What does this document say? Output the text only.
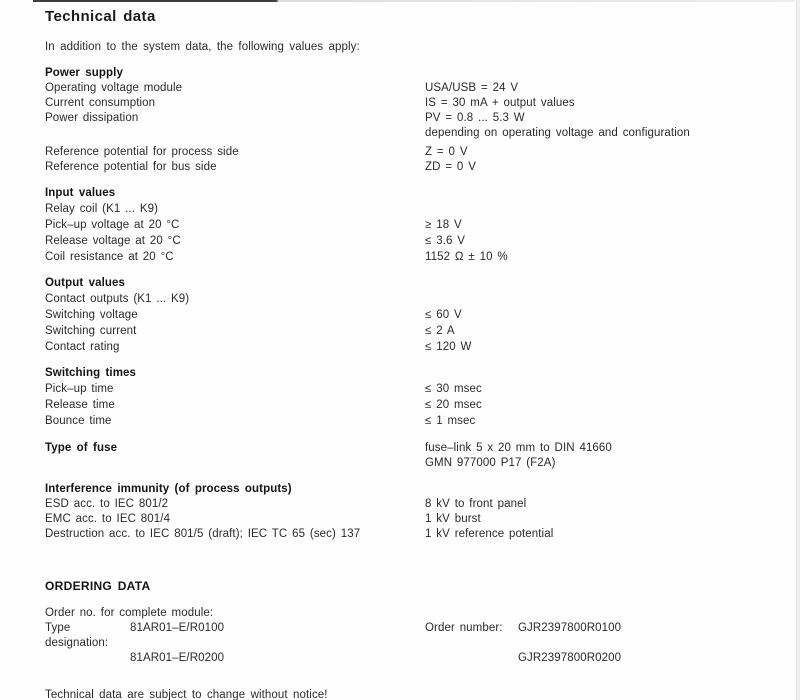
Technical data
In addition to the system data, the following values apply:
Power supply
Operating voltage module	USA/USB = 24 V
Current consumption	IS = 30 mA + output values
Power dissipation	PV = 0.8 ... 5.3 W
depending on operating voltage and configuration
Reference potential for process side	Z = 0 V
Reference potential for bus side	ZD = 0 V
Input values
Relay coil (K1 ... K9)
Pick–up voltage at 20 °C	≥ 18 V
Release voltage at 20 °C	≤ 3.6 V
Coil resistance at 20 °C	1152 Ω ± 10 %
Output values
Contact outputs (K1 ... K9)
Switching voltage	≤ 60 V
Switching current	≤ 2 A
Contact rating	≤ 120 W
Switching times
Pick–up time	≤ 30 msec
Release time	≤ 20 msec
Bounce time	≤ 1 msec
Type of fuse	fuse–link 5 x 20 mm to DIN 41660
GMN 977000 P17 (F2A)
Interference immunity (of process outputs)
ESD acc. to IEC 801/2	8 kV to front panel
EMC acc. to IEC 801/4	1 kV burst
Destruction acc. to IEC 801/5 (draft); IEC TC 65 (sec) 137	1 kV reference potential
ORDERING DATA
Order no. for complete module:
Type designation:
81AR01–E/R0100	Order number:	GJR2397800R0100
81AR01–E/R0200	GJR2397800R0200
Technical data are subject to change without notice!
